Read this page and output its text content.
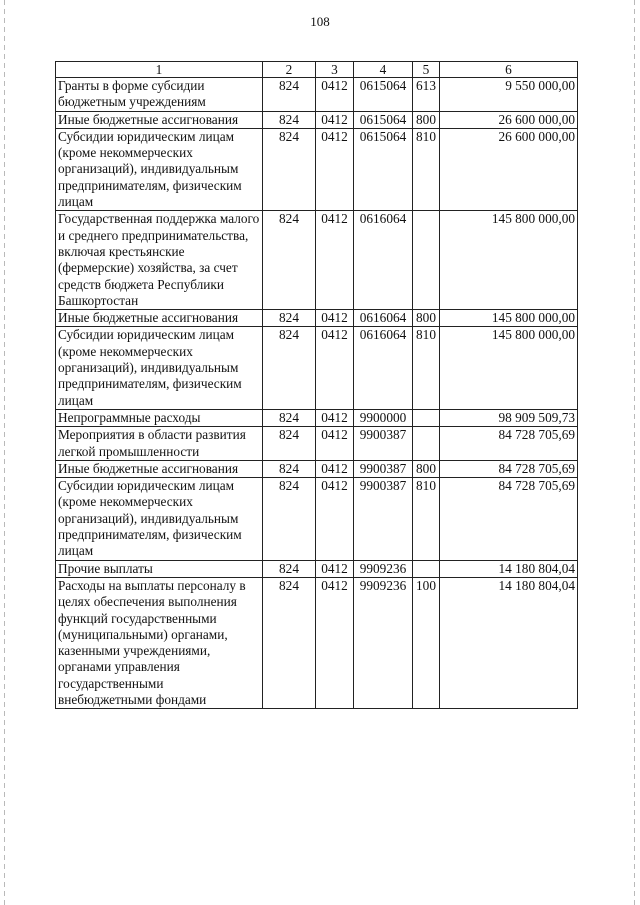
108
1	2	3	4	5	6
Гранты в форме субсидии бюджетным учреждениям	824	0412	0615064	613	9 550 000,00
Иные бюджетные ассигнования	824	0412	0615064	800	26 600 000,00
Субсидии юридическим лицам (кроме некоммерческих организаций), индивидуальным предпринимателям, физическим лицам	824	0412	0615064	810	26 600 000,00
Государственная поддержка малого и среднего предпринимательства, включая крестьянские (фермерские) хозяйства, за счет средств бюджета Республики Башкортостан	824	0412	0616064		145 800 000,00
Иные бюджетные ассигнования	824	0412	0616064	800	145 800 000,00
Субсидии юридическим лицам (кроме некоммерческих организаций), индивидуальным предпринимателям, физическим лицам	824	0412	0616064	810	145 800 000,00
Непрограммные расходы	824	0412	9900000		98 909 509,73
Мероприятия в области развития легкой промышленности	824	0412	9900387		84 728 705,69
Иные бюджетные ассигнования	824	0412	9900387	800	84 728 705,69
Субсидии юридическим лицам (кроме некоммерческих организаций), индивидуальным предпринимателям, физическим лицам	824	0412	9900387	810	84 728 705,69
Прочие выплаты	824	0412	9909236		14 180 804,04
Расходы на выплаты персоналу в целях обеспечения выполнения функций государственными (муниципальными) органами, казенными учреждениями, органами управления государственными внебюджетными фондами	824	0412	9909236	100	14 180 804,04
